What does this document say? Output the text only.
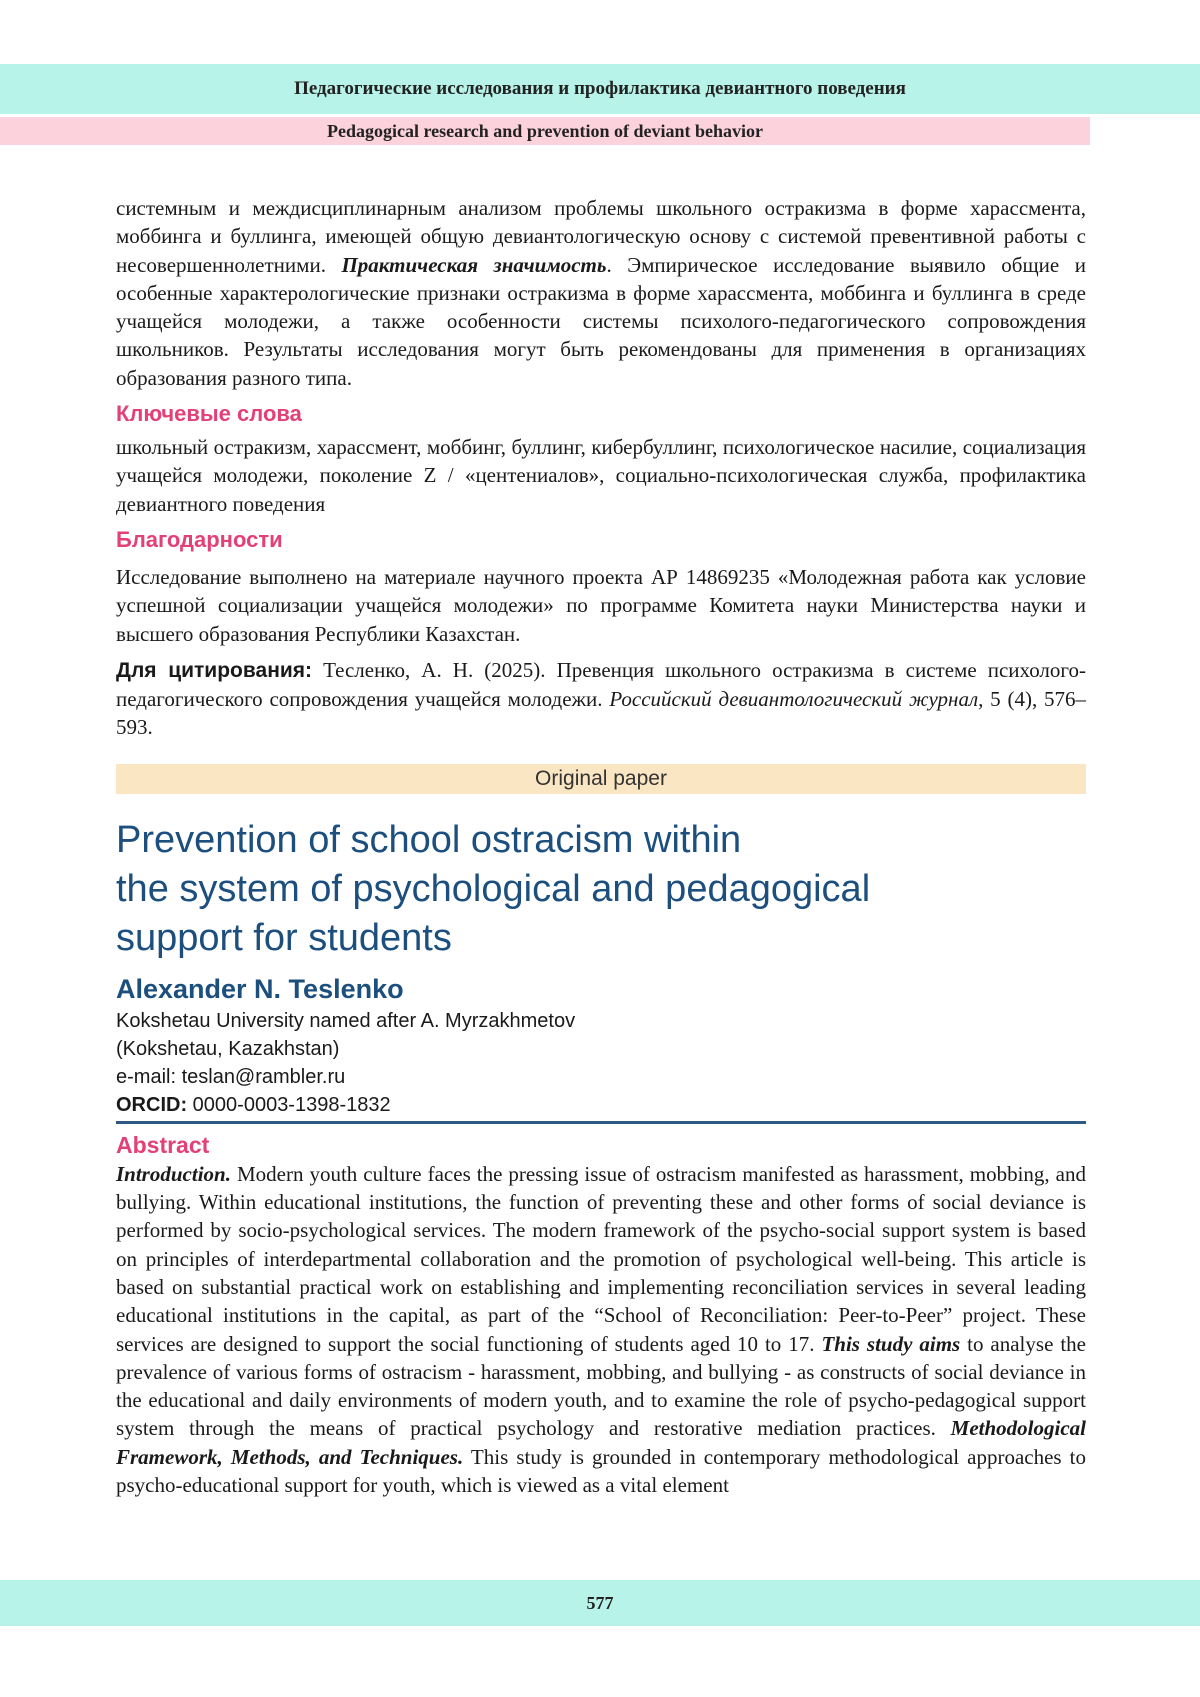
Педагогические исследования и профилактика девиантного поведения
Pedagogical research and prevention of deviant behavior

системным и междисциплинарным анализом проблемы школьного остракизма в форме харассмента, моббинга и буллинга, имеющей общую девиантологическую основу с системой превентивной работы с несовершеннолетними. Практическая значимость. Эмпирическое исследование выявило общие и особенные характерологические признаки остракизма в форме харассмента, моббинга и буллинга в среде учащейся молодежи, а также особенности системы психолого-педагогического сопровождения школьников. Результаты исследования могут быть рекомендованы для применения в организациях образования разного типа.

Ключевые слова

школьный остракизм, харассмент, моббинг, буллинг, кибербуллинг, психологическое насилие, социализация учащейся молодежи, поколение Z / «центениалов», социально-психологическая служба, профилактика девиантного поведения

Благодарности

Исследование выполнено на материале научного проекта АР 14869235 «Молодежная работа как условие успешной социализации учащейся молодежи» по программе Комитета науки Министерства науки и высшего образования Республики Казахстан.

Для цитирования: Тесленко, А. Н. (2025). Превенция школьного остракизма в системе психолого-педагогического сопровождения учащейся молодежи. Российский девиантологический журнал, 5 (4), 576–593.

Original paper
Prevention of school ostracism within
the system of psychological and pedagogical
support for students
Alexander N. Teslenko
Kokshetau University named after A. Myrzakhmetov
(Kokshetau, Kazakhstan)
e-mail: teslan@rambler.ru
ORCID: 0000-0003-1398-1832
Abstract

Introduction. Modern youth culture faces the pressing issue of ostracism manifested as harassment, mobbing, and bullying. Within educational institutions, the function of preventing these and other forms of social deviance is performed by socio-psychological services. The modern framework of the psycho-social support system is based on principles of interdepartmental collaboration and the promotion of psychological well-being. This article is based on substantial practical work on establishing and implementing reconciliation services in several leading educational institutions in the capital, as part of the “School of Reconciliation: Peer-to-Peer” project. These services are designed to support the social functioning of students aged 10 to 17. This study aims to analyse the prevalence of various forms of ostracism - harassment, mobbing, and bullying - as constructs of social deviance in the educational and daily environments of modern youth, and to examine the role of psycho-pedagogical support system through the means of practical psychology and restorative mediation practices. Methodological Framework, Methods, and Techniques. This study is grounded in contemporary methodological approaches to psycho-educational support for youth, which is viewed as a vital element

577
